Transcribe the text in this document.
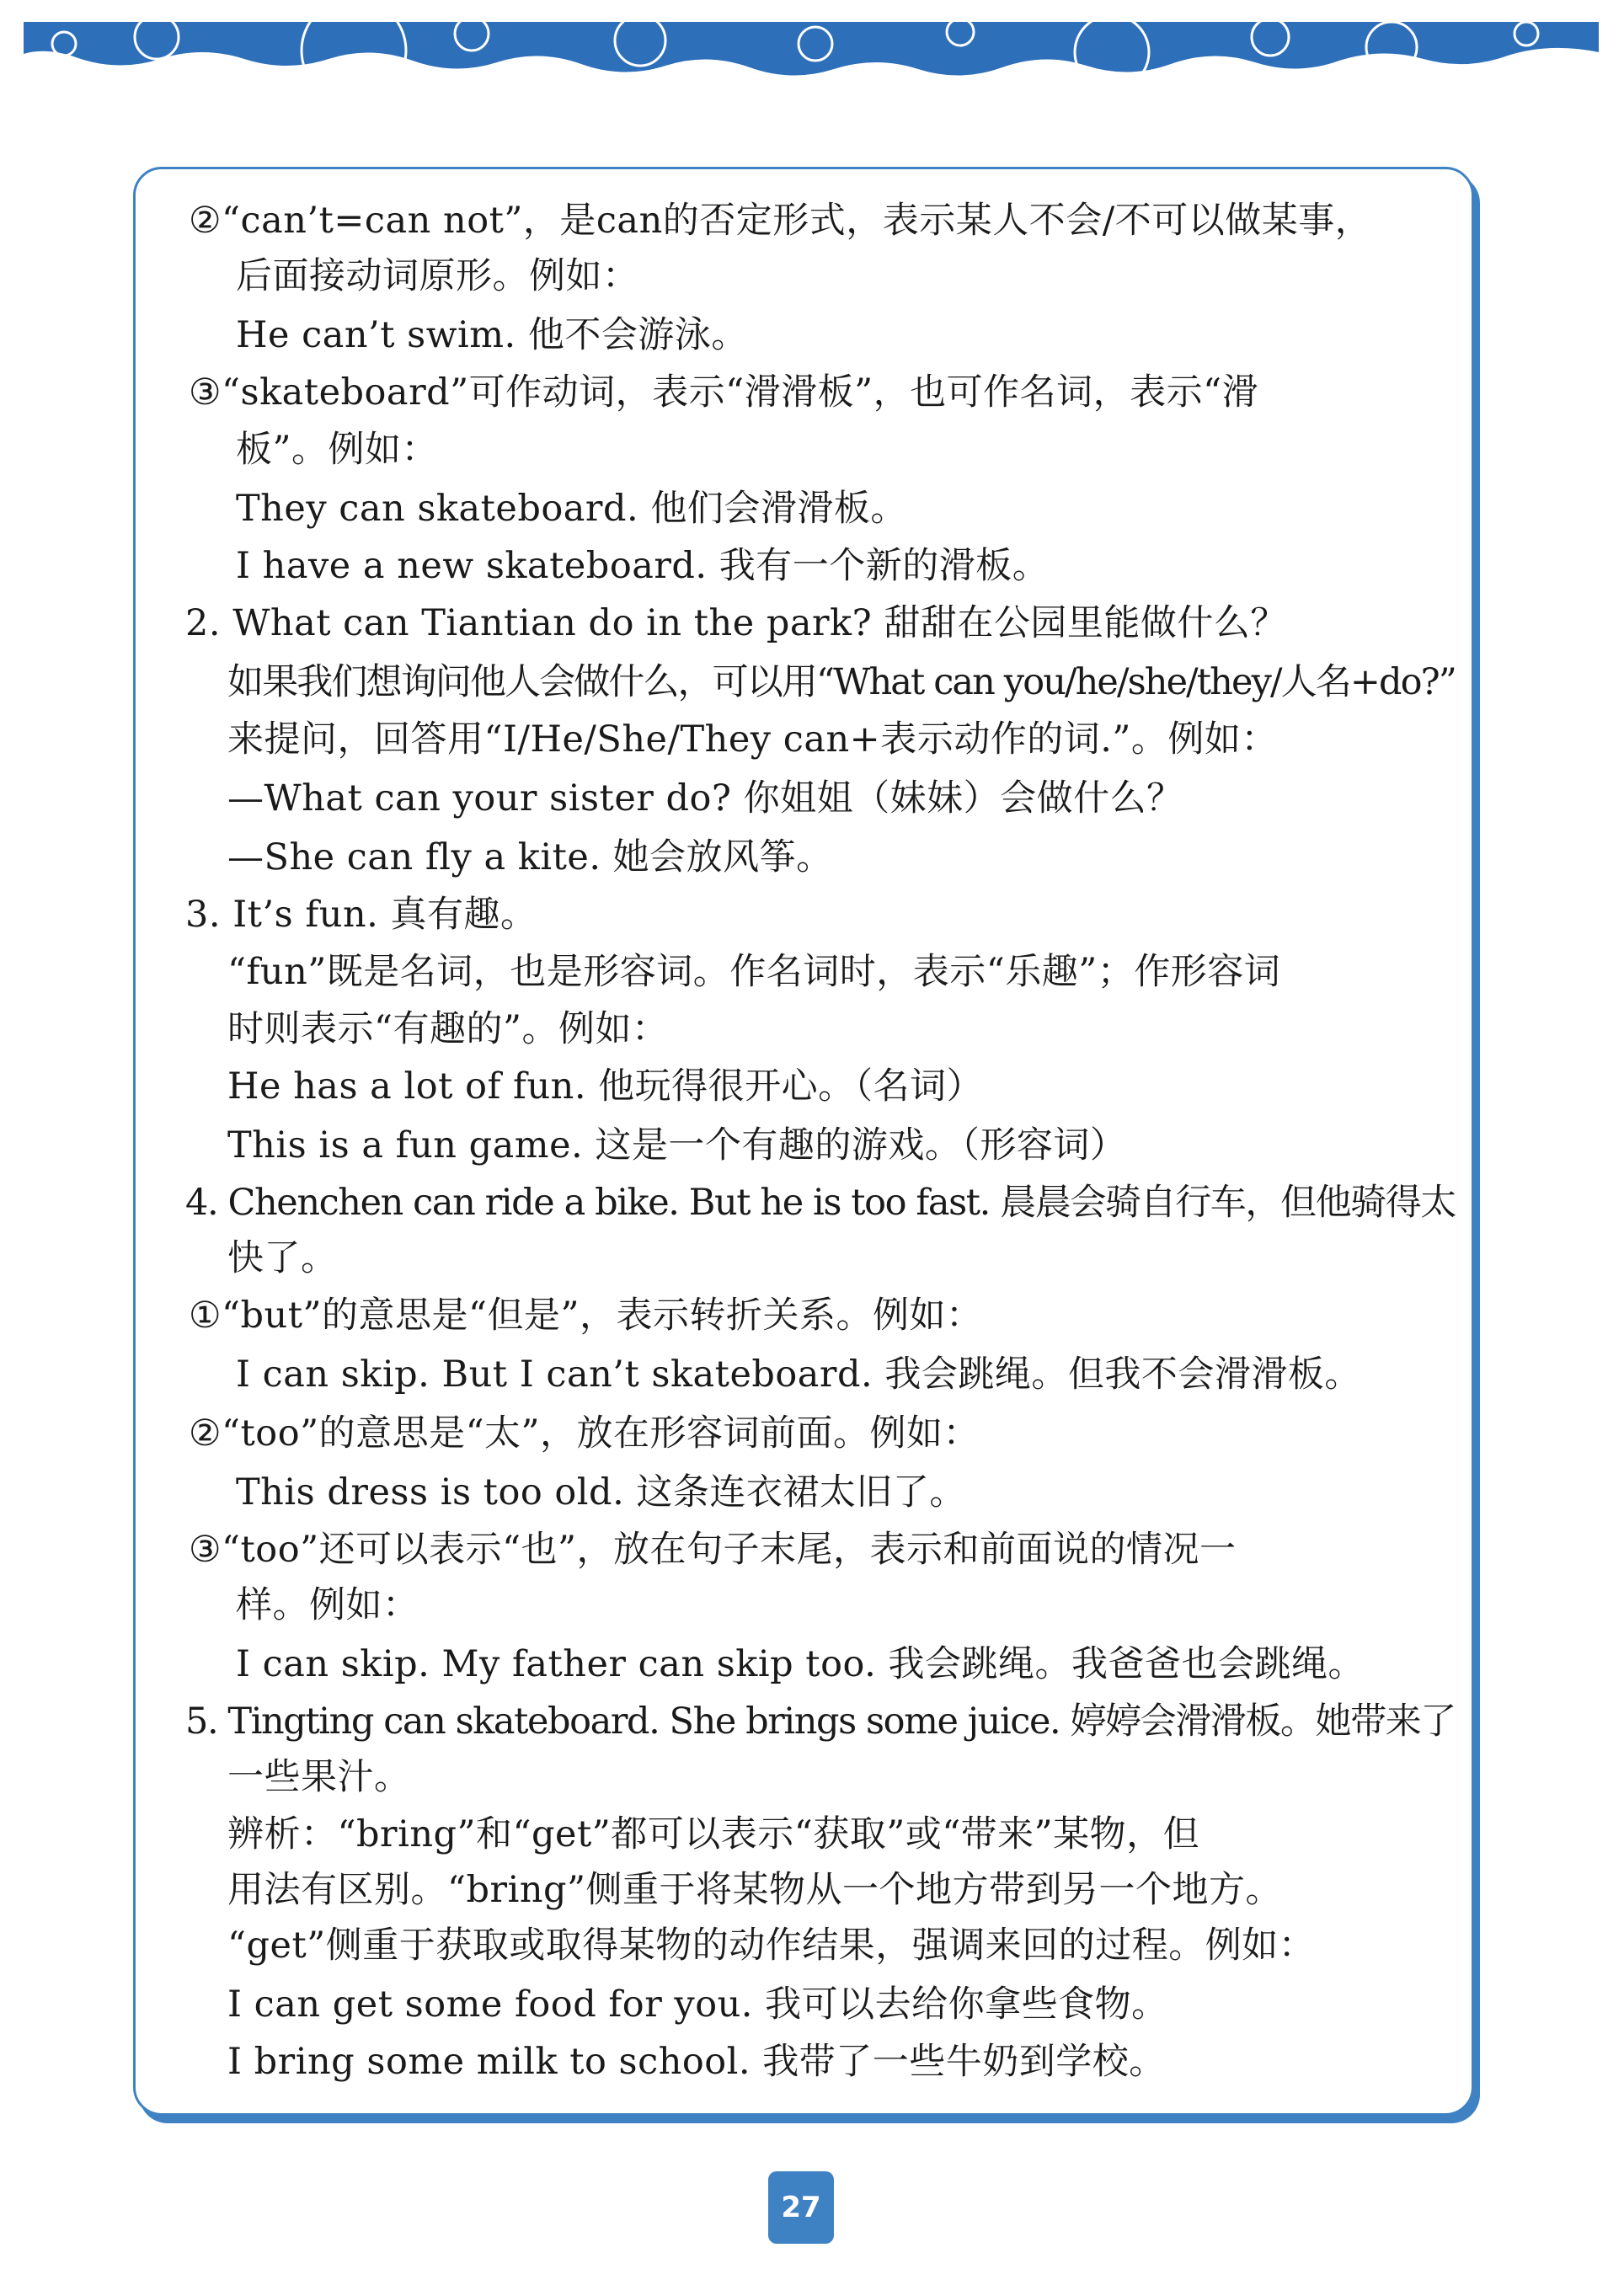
②“can’t=can not”，是can的否定形式，表示某人不会/不可以做某事，
后面接动词原形。例如：
He can’t swim. 他不会游泳。
③“skateboard”可作动词，表示“滑滑板”，也可作名词，表示“滑
板”。例如：
They can skateboard. 他们会滑滑板。
I have a new skateboard. 我有一个新的滑板。
2. What can Tiantian do in the park? 甜甜在公园里能做什么？
如果我们想询问他人会做什么，可以用“What can you/he/she/they/人名+do?”
来提问，回答用“I/He/She/They can+表示动作的词.”。例如：
—What can your sister do? 你姐姐（妹妹）会做什么？
—She can fly a kite. 她会放风筝。
3. It’s fun. 真有趣。
“fun”既是名词，也是形容词。作名词时，表示“乐趣”；作形容词
时则表示“有趣的”。例如：
He has a lot of fun. 他玩得很开心。（名词）
This is a fun game. 这是一个有趣的游戏。（形容词）
4. Chenchen can ride a bike. But he is too fast. 晨晨会骑自行车，但他骑得太
快了。
①“but”的意思是“但是”，表示转折关系。例如：
I can skip. But I can’t skateboard. 我会跳绳。但我不会滑滑板。
②“too”的意思是“太”，放在形容词前面。例如：
This dress is too old. 这条连衣裙太旧了。
③“too”还可以表示“也”，放在句子末尾，表示和前面说的情况一
样。例如：
I can skip. My father can skip too. 我会跳绳。我爸爸也会跳绳。
5. Tingting can skateboard. She brings some juice. 婷婷会滑滑板。她带来了
一些果汁。
辨析：“bring”和“get”都可以表示“获取”或“带来”某物，但
用法有区别。“bring”侧重于将某物从一个地方带到另一个地方。
“get”侧重于获取或取得某物的动作结果，强调来回的过程。例如：
I can get some food for you. 我可以去给你拿些食物。
I bring some milk to school. 我带了一些牛奶到学校。
27
